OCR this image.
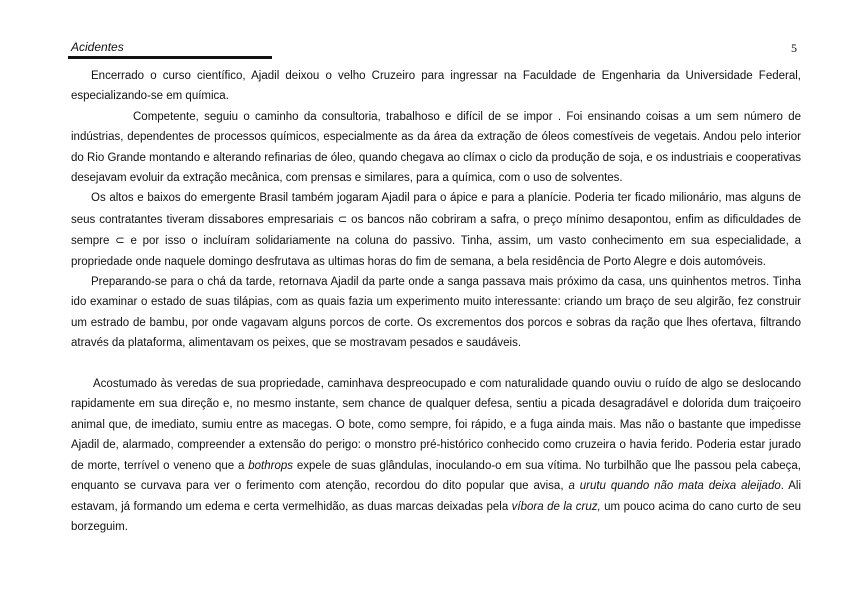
Acidentes	5

Encerrado o curso científico, Ajadil deixou o velho Cruzeiro para ingressar na Faculdade de Engenharia da Universidade Federal, especializando-se em química.

Competente, seguiu o caminho da consultoria, trabalhoso e difícil de se impor . Foi ensinando coisas a um sem número de indústrias, dependentes de processos químicos, especialmente as da área da extração de óleos comestíveis de vegetais. Andou pelo interior do Rio Grande montando e alterando refinarias de óleo, quando chegava ao clímax o ciclo da produção de soja, e os industriais e cooperativas desejavam evoluir da extração mecânica, com prensas e similares, para a química, com o uso de solventes.

Os altos e baixos do emergente Brasil também jogaram Ajadil para o ápice e para a planície. Poderia ter ficado milionário, mas alguns de seus contratantes tiveram dissabores empresariais ⊂ os bancos não cobriram a safra, o preço mínimo desapontou, enfim as dificuldades de sempre ⊂ e por isso o incluíram solidariamente na coluna do passivo. Tinha, assim, um vasto conhecimento em sua especialidade, a propriedade onde naquele domingo desfrutava as ultimas horas do fim de semana, a bela residência de Porto Alegre e dois automóveis.

Preparando-se para o chá da tarde, retornava Ajadil da parte onde a sanga passava mais próximo da casa, uns quinhentos metros. Tinha ido examinar o estado de suas tilápias, com as quais fazia um experimento muito interessante: criando um braço de seu algirão, fez construir um estrado de bambu, por onde vagavam alguns porcos de corte. Os excrementos dos porcos e sobras da ração que lhes ofertava, filtrando através da plataforma, alimentavam os peixes, que se mostravam pesados e saudáveis.

Acostumado às veredas de sua propriedade, caminhava despreocupado e com naturalidade quando ouviu o ruído de algo se deslocando rapidamente em sua direção e, no mesmo instante, sem chance de qualquer defesa, sentiu a picada desagradável e dolorida dum traiçoeiro animal que, de imediato, sumiu entre as macegas. O bote, como sempre, foi rápido, e a fuga ainda mais. Mas não o bastante que impedisse Ajadil de, alarmado, compreender a extensão do perigo: o monstro pré-histórico conhecido como cruzeira o havia ferido. Poderia estar jurado de morte, terrível o veneno que a bothrops expele de suas glândulas, inoculando-o em sua vítima. No turbilhão que lhe passou pela cabeça, enquanto se curvava para ver o ferimento com atenção, recordou do dito popular que avisa, a urutu quando não mata deixa aleijado. Ali estavam, já formando um edema e certa vermelhidão, as duas marcas deixadas pela víbora de la cruz, um pouco acima do cano curto de seu borzeguim.
